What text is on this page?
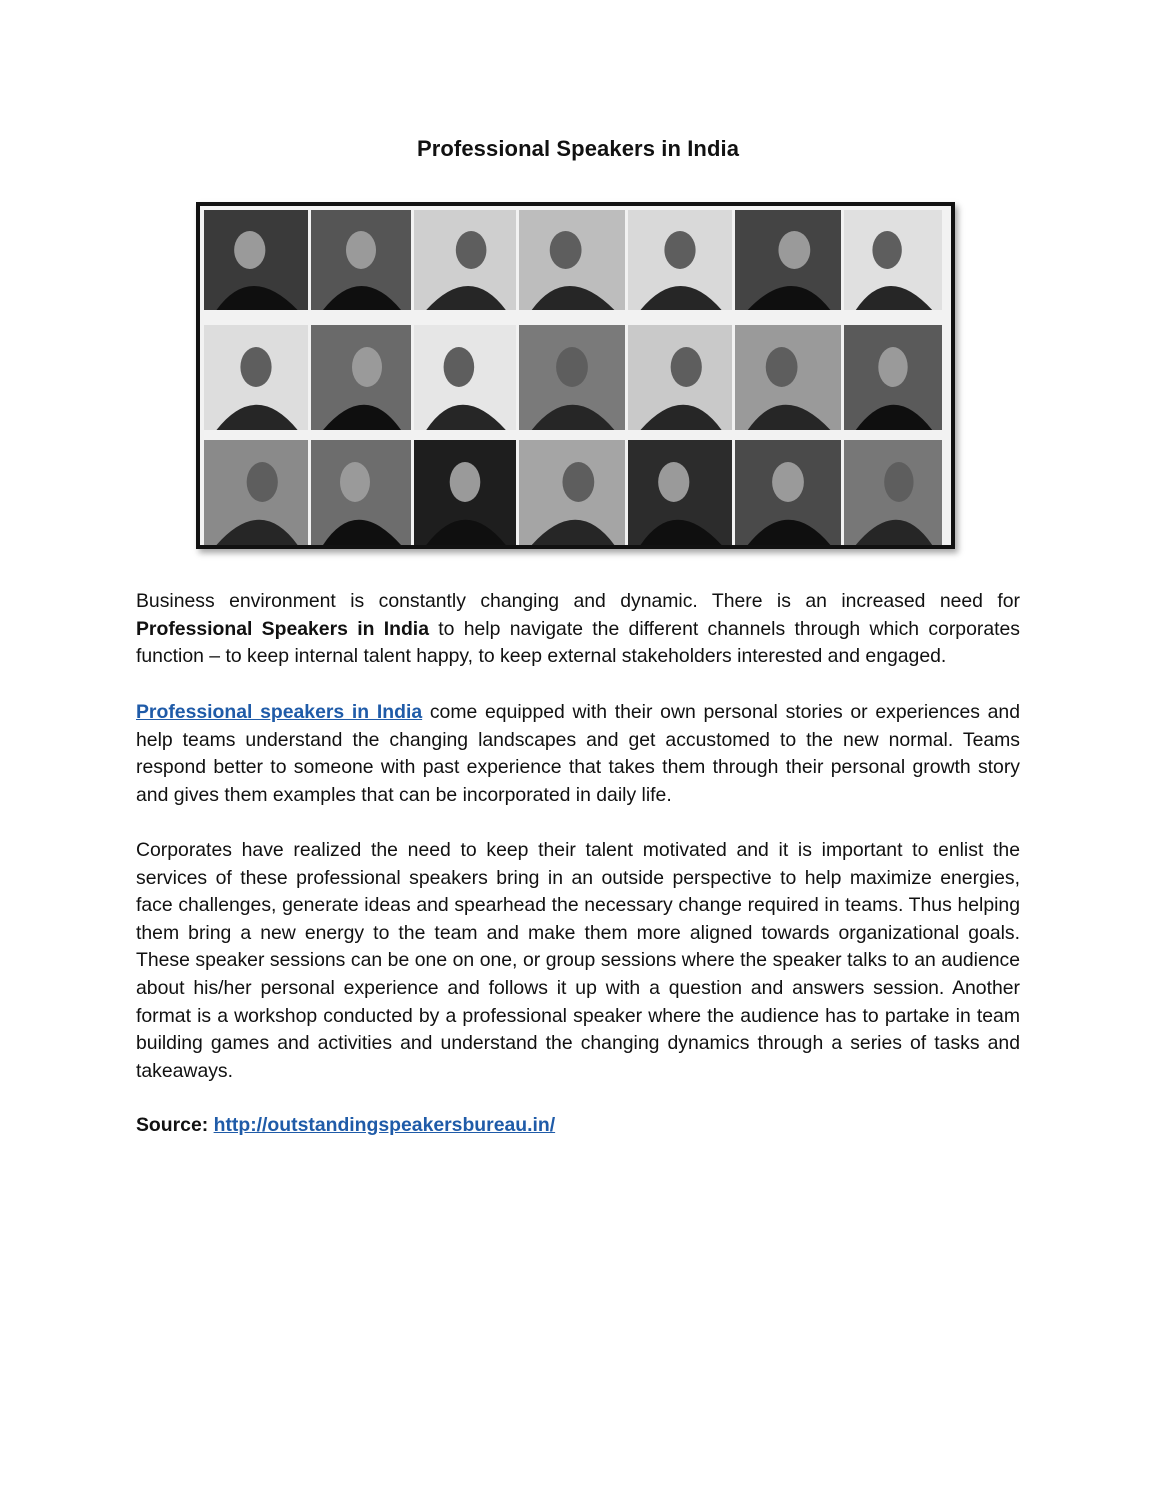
Professional Speakers in India
Business environment is constantly changing and dynamic. There is an increased need for Professional Speakers in India to help navigate the different channels through which corporates function – to keep internal talent happy, to keep external stakeholders interested and engaged.
Professional speakers in India come equipped with their own personal stories or experiences and help teams understand the changing landscapes and get accustomed to the new normal. Teams respond better to someone with past experience that takes them through their personal growth story and gives them examples that can be incorporated in daily life.
Corporates have realized the need to keep their talent motivated and it is important to enlist the services of these professional speakers bring in an outside perspective to help maximize energies, face challenges, generate ideas and spearhead the necessary change required in teams. Thus helping them bring a new energy to the team and make them more aligned towards organizational goals. These speaker sessions can be one on one, or group sessions where the speaker talks to an audience about his/her personal experience and follows it up with a question and answers session. Another format is a workshop conducted by a professional speaker where the audience has to partake in team building games and activities and understand the changing dynamics through a series of tasks and takeaways.
Source: http://outstandingspeakersbureau.in/
